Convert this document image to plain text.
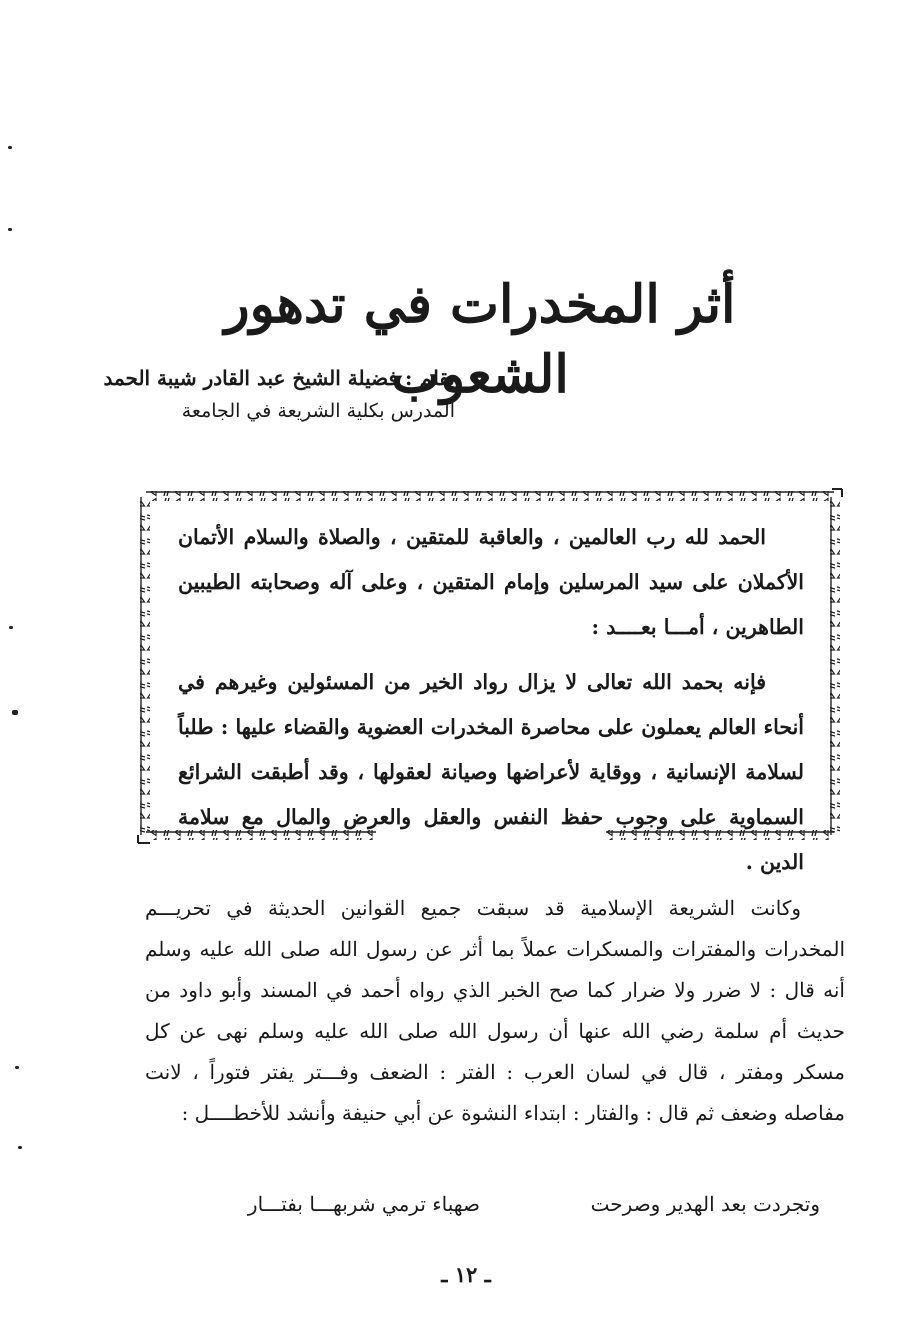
أثر المخدرات في تدهور الشعوب
بقلم : فضيلة الشيخ عبد القادر شيبة الحمد
المدرس بكلية الشريعة في الجامعة

الحمد لله رب العالمين ، والعاقبة للمتقين ، والصلاة والسلام الأتمان الأكملان على سيد المرسلين وإمام المتقين ، وعلى آله وصحابته الطيبين الطاهرين ، أمـــا بعــــد :

فإنه بحمد الله تعالى لا يزال رواد الخير من المسئولين وغيرهم في أنحاء العالم يعملون على محاصرة المخدرات العضوية والقضاء عليها : طلباً لسلامة الإنسانية ، ووقاية لأعراضها وصيانة لعقولها ، وقد أطبقت الشرائع السماوية على وجوب حفظ النفس والعقل والعرض والمال مع سلامة الدين .

وكانت الشريعة الإسلامية قد سبقت جميع القوانين الحديثة في تحريـــم المخدرات والمفترات والمسكرات عملاً بما أثر عن رسول الله صلى الله عليه وسلم أنه قال : لا ضرر ولا ضرار كما صح الخبر الذي رواه أحمد في المسند وأبو داود من حديث أم سلمة رضي الله عنها أن رسول الله صلى الله عليه وسلم نهى عن كل مسكر ومفتر ، قال في لسان العرب : الفتر : الضعف وفـــتر يفتر فتوراً ، لانت مفاصله وضعف ثم قال : والفتار : ابتداء النشوة عن أبي حنيفة وأنشد للأخطــــل :

وتجردت بعد الهدير وصرحت
صهباء ترمي شربهـــا بفتـــار
ـ ١٢ ـ
